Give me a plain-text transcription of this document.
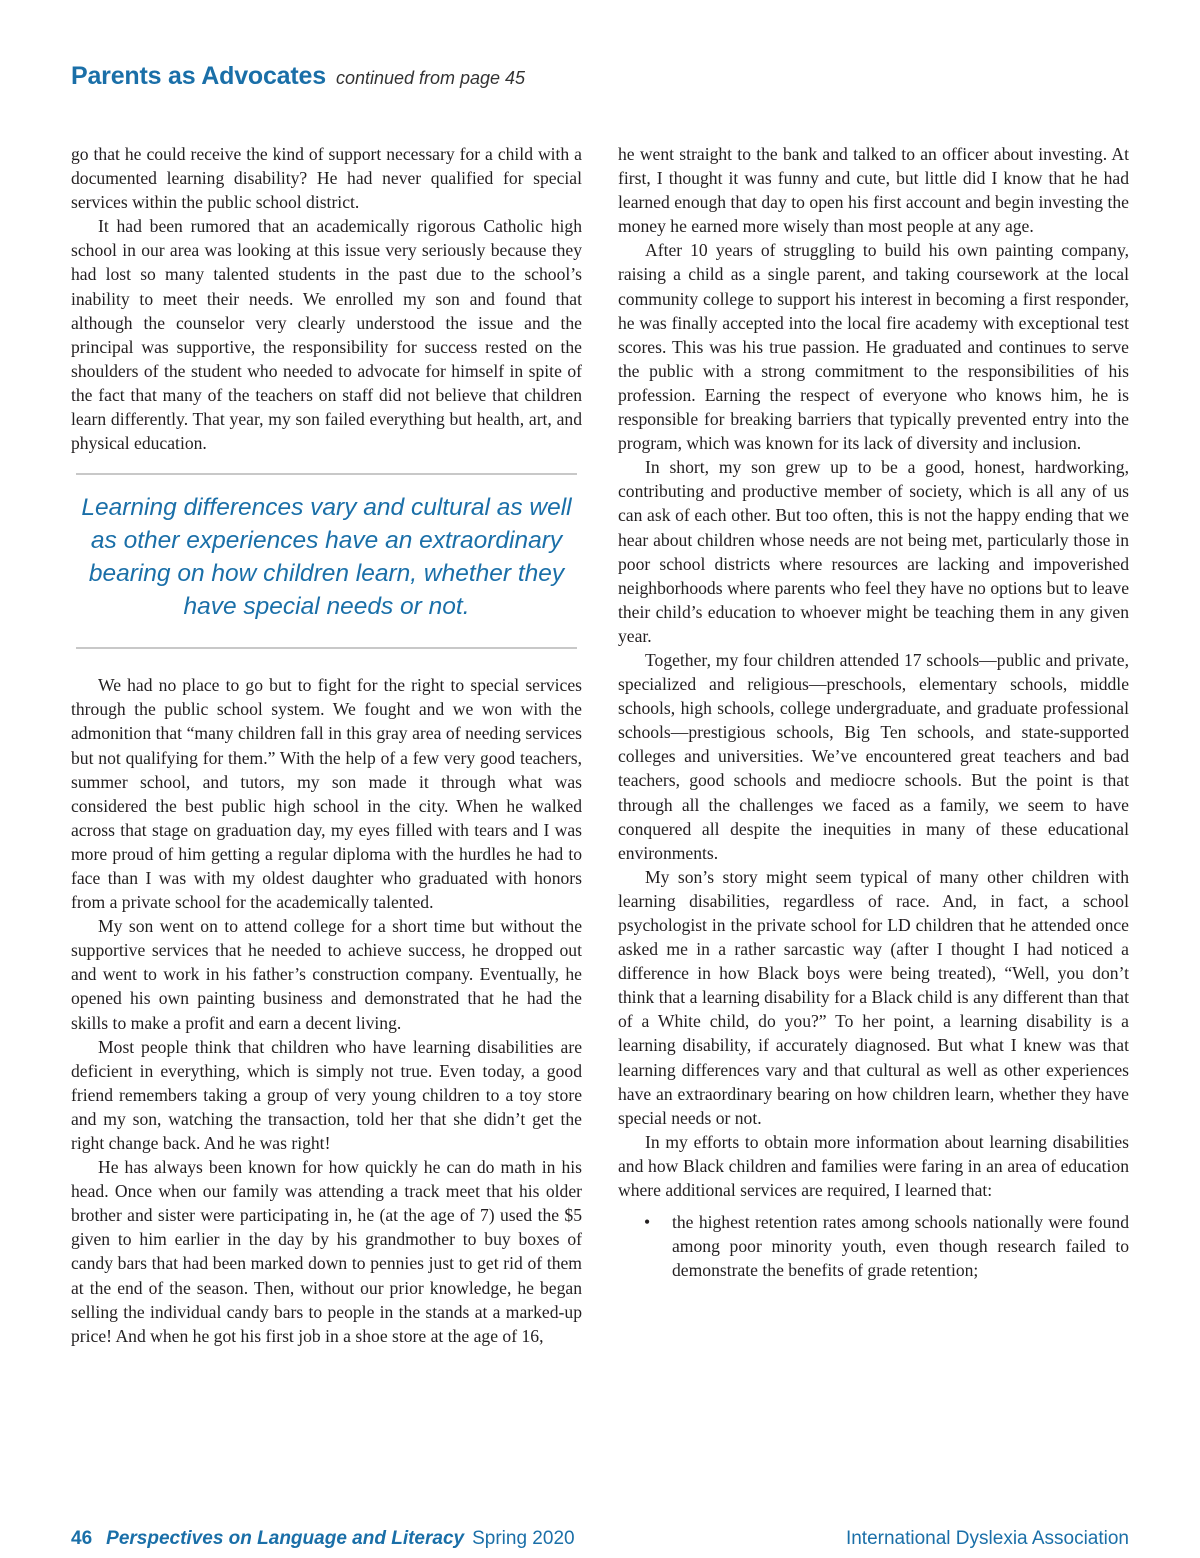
Parents as Advocates continued from page 45

go that he could receive the kind of support necessary for a child with a documented learning disability? He had never qualified for special services within the public school district.

It had been rumored that an academically rigorous Catholic high school in our area was looking at this issue very seriously because they had lost so many talented students in the past due to the school’s inability to meet their needs. We enrolled my son and found that although the counselor very clearly understood the issue and the principal was supportive, the responsibility for success rested on the shoulders of the student who needed to advocate for himself in spite of the fact that many of the teachers on staff did not believe that children learn differently. That year, my son failed everything but health, art, and physical education.

Learning differences vary and cultural as well as other experiences have an extraordinary bearing on how children learn, whether they have special needs or not.

We had no place to go but to fight for the right to special services through the public school system. We fought and we won with the admonition that “many children fall in this gray area of needing services but not qualifying for them.” With the help of a few very good teachers, summer school, and tutors, my son made it through what was considered the best public high school in the city. When he walked across that stage on graduation day, my eyes filled with tears and I was more proud of him getting a regular diploma with the hurdles he had to face than I was with my oldest daughter who graduated with honors from a private school for the academically talented.

My son went on to attend college for a short time but without the supportive services that he needed to achieve success, he dropped out and went to work in his father’s construction company. Eventually, he opened his own painting business and demonstrated that he had the skills to make a profit and earn a decent living.

Most people think that children who have learning disabilities are deficient in everything, which is simply not true. Even today, a good friend remembers taking a group of very young children to a toy store and my son, watching the transaction, told her that she didn’t get the right change back. And he was right!

He has always been known for how quickly he can do math in his head. Once when our family was attending a track meet that his older brother and sister were participating in, he (at the age of 7) used the $5 given to him earlier in the day by his grandmother to buy boxes of candy bars that had been marked down to pennies just to get rid of them at the end of the season. Then, without our prior knowledge, he began selling the individual candy bars to people in the stands at a marked-up price! And when he got his first job in a shoe store at the age of 16,

he went straight to the bank and talked to an officer about investing. At first, I thought it was funny and cute, but little did I know that he had learned enough that day to open his first account and begin investing the money he earned more wisely than most people at any age.

After 10 years of struggling to build his own painting company, raising a child as a single parent, and taking coursework at the local community college to support his interest in becoming a first responder, he was finally accepted into the local fire academy with exceptional test scores. This was his true passion. He graduated and continues to serve the public with a strong commitment to the responsibilities of his profession. Earning the respect of everyone who knows him, he is responsible for breaking barriers that typically prevented entry into the program, which was known for its lack of diversity and inclusion.

In short, my son grew up to be a good, honest, hardworking, contributing and productive member of society, which is all any of us can ask of each other. But too often, this is not the happy ending that we hear about children whose needs are not being met, particularly those in poor school districts where resources are lacking and impoverished neighborhoods where parents who feel they have no options but to leave their child’s education to whoever might be teaching them in any given year.

Together, my four children attended 17 schools—public and private, specialized and religious—preschools, elementary schools, middle schools, high schools, college undergraduate, and graduate professional schools—prestigious schools, Big Ten schools, and state-supported colleges and universities. We’ve encountered great teachers and bad teachers, good schools and mediocre schools. But the point is that through all the challenges we faced as a family, we seem to have conquered all despite the inequities in many of these educational environments.

My son’s story might seem typical of many other children with learning disabilities, regardless of race. And, in fact, a school psychologist in the private school for LD children that he attended once asked me in a rather sarcastic way (after I thought I had noticed a difference in how Black boys were being treated), “Well, you don’t think that a learning disability for a Black child is any different than that of a White child, do you?” To her point, a learning disability is a learning disability, if accurately diagnosed. But what I knew was that learning differences vary and that cultural as well as other experiences have an extraordinary bearing on how children learn, whether they have special needs or not.

In my efforts to obtain more information about learning disabilities and how Black children and families were faring in an area of education where additional services are required, I learned that:

• the highest retention rates among schools nationally were found among poor minority youth, even though research failed to demonstrate the benefits of grade retention;
46 Perspectives on Language and Literacy Spring 2020	International Dyslexia Association
